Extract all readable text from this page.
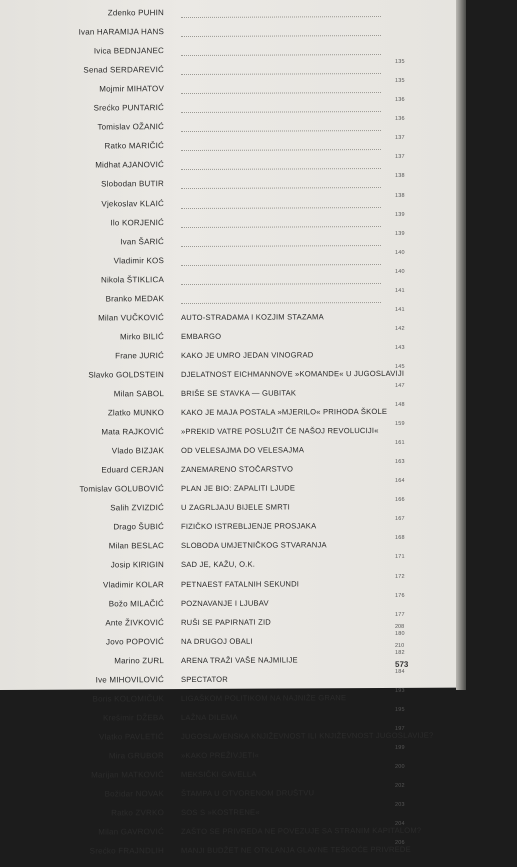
Zdenko PUHIN
Ivan HARAMIJA HANS
Ivica BEDNJANEC
Senad SERDAREVIĆ
135
Mojmir MIHATOV
135
Srećko PUNTARIĆ
136
Tomislav OŽANIĆ
136
Ratko MARIČIĆ
137
Midhat AJANOVIĆ
137
Slobodan BUTIR
138
Vjekoslav KLAIĆ
138
Ilo KORJENIĆ
139
Ivan ŠARIĆ
139
Vladimir KOS
140
Nikola ŠTIKLICA
140
Branko MEDAK
141
Milan VUČKOVIĆ AUTO-STRADAMA I KOZJIM STAZAMA
141
Mirko BILIĆ EMBARGO
142
Frane JURIĆ KAKO JE UMRO JEDAN VINOGRAD
143
Slavko GOLDSTEIN DJELATNOST EICHMANNOVE »KOMANDE« U JUGOSLAVIJI
145
Milan SABOL BRIŠE SE STAVKA — GUBITAK
147
Zlatko MUNKO KAKO JE MAJA POSTALA »MJERILO« PRIHODA ŠKOLE
148
Mata RAJKOVIĆ »PREKID VATRE POSLUŽIT ĆE NAŠOJ REVOLUCIJI«
159
Vlado BIZJAK OD VELESAJMA DO VELESAJMA
161
Eduard CERJAN ZANEMARENO STOČARSTVO
163
Tomislav GOLUBOVIĆ PLAN JE BIO: ZAPALITI LJUDE
164
Salih ZVIZDIĆ U ZAGRLJAJU BIJELE SMRTI
166
Drago ŠUBIĆ FIZIČKO ISTREBLJENJE PROSJAKA
167
Milan BESLAC SLOBODA UMJETNIČKOG STVARANJA
168
Josip KIRIGIN SAD JE, KAŽU, O.K.
171
Vladimir KOLAR PETNAEST FATALNIH SEKUNDI
172
Božo MILAČIĆ POZNAVANJE I LJUBAV
176
Ante ŽIVKOVIĆ RUŠI SE PAPIRNATI ZID
177
Jovo POPOVIĆ NA DRUGOJ OBALI
180
Marino ZURL ARENA TRAŽI VAŠE NAJMILIJE
182
Ive MIHOVILOVIĆ SPECTATOR
184
Boris KOLOMIČUK LIGAŠKOM POLITIKOM NA NAJNIŽE GRANE
193
Krešimir DŽEBA LAŽNA DILEMA
195
Vlatko PAVLETIĆ JUGOSLAVENSKA KNJIŽEVNOST ILI KNJIŽEVNOST JUGOSLAVIJE?
197
Mira GRUBOR »KAKO PREŽIVJETI«
199
Marijan MATKOVIĆ MEKSIČKI GAVELLA
200
Božidar NOVAK ŠTAMPA U OTVORENOM DRUŠTVU
202
Ratko ZVRKO SOS S »KOSTRENE«
203
Milan GAVROVIĆ ZAŠTO SE PRIVREDA NE POVEZUJE SA STRANIM KAPITALOM?
204
Srećko FRAJNDLIH MANJI BUDŽET NE OTKLANJA GLAVNE TEŠKOĆE PRIVREDE
206
208
210
573
